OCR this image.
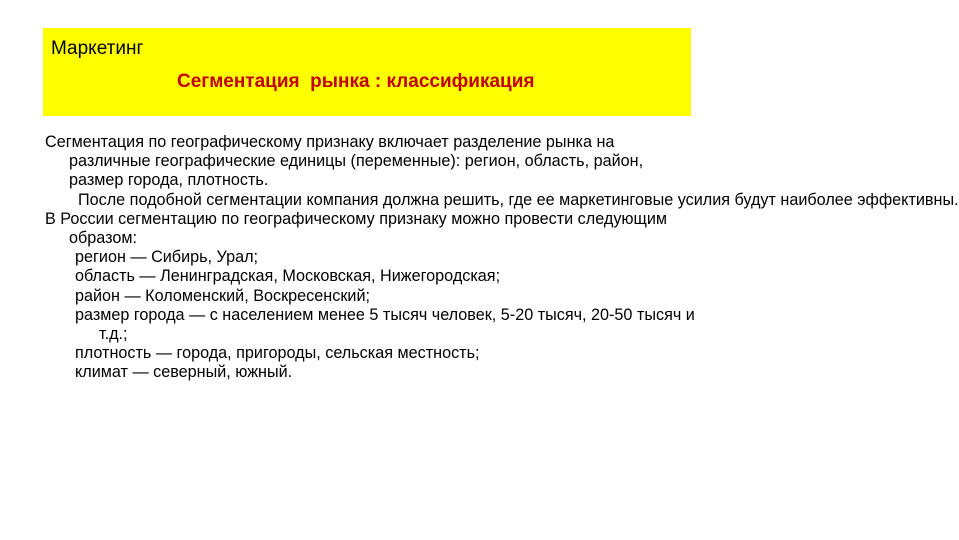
Маркетинг
Сегментация  рынка : классификация

Сегментация по географическому признаку включает разделение рынка на различные географические единицы (переменные): регион, область, район, размер города, плотность.
После подобной сегментации компания должна решить, где ее маркетинговые усилия будут наиболее эффективны.

В России сегментацию по географическому признаку можно провести следующим образом:
регион — Сибирь, Урал;
область — Ленинградская, Московская, Нижегородская;
район — Коломенский, Воскресенский;
размер города — с населением менее 5 тысяч человек, 5-20 тысяч, 20-50 тысяч и т.д.;
плотность — города, пригороды, сельская местность;
климат — северный, южный.
